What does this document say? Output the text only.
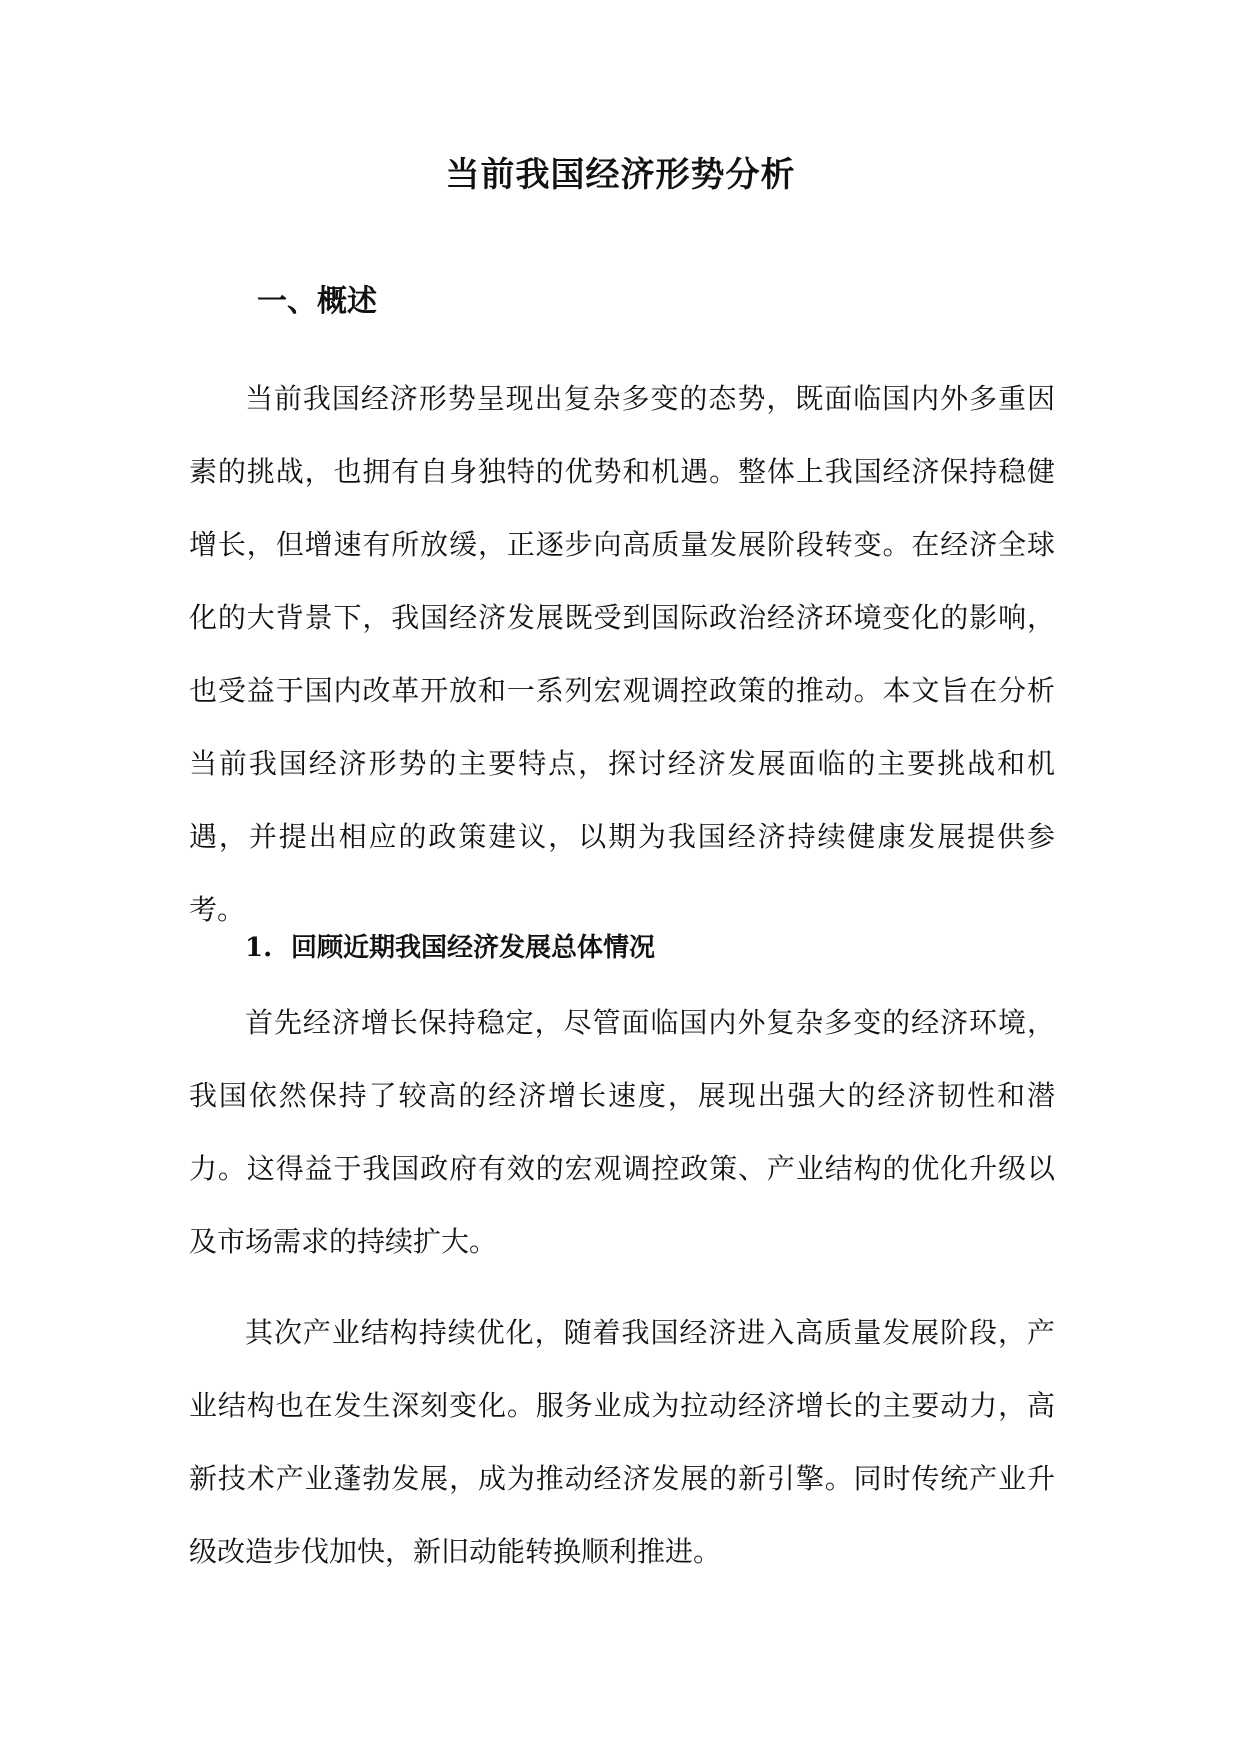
当前我国经济形势分析
一、概述

当前我国经济形势呈现出复杂多变的态势，既面临国内外多重因素的挑战，也拥有自身独特的优势和机遇。整体上我国经济保持稳健增长，但增速有所放缓，正逐步向高质量发展阶段转变。在经济全球化的大背景下，我国经济发展既受到国际政治经济环境变化的影响，也受益于国内改革开放和一系列宏观调控政策的推动。本文旨在分析当前我国经济形势的主要特点，探讨经济发展面临的主要挑战和机遇，并提出相应的政策建议，以期为我国经济持续健康发展提供参考。

1. 回顾近期我国经济发展总体情况

首先经济增长保持稳定，尽管面临国内外复杂多变的经济环境，我国依然保持了较高的经济增长速度，展现出强大的经济韧性和潜力。这得益于我国政府有效的宏观调控政策、产业结构的优化升级以及市场需求的持续扩大。

其次产业结构持续优化，随着我国经济进入高质量发展阶段，产业结构也在发生深刻变化。服务业成为拉动经济增长的主要动力，高新技术产业蓬勃发展，成为推动经济发展的新引擎。同时传统产业升级改造步伐加快，新旧动能转换顺利推进。
